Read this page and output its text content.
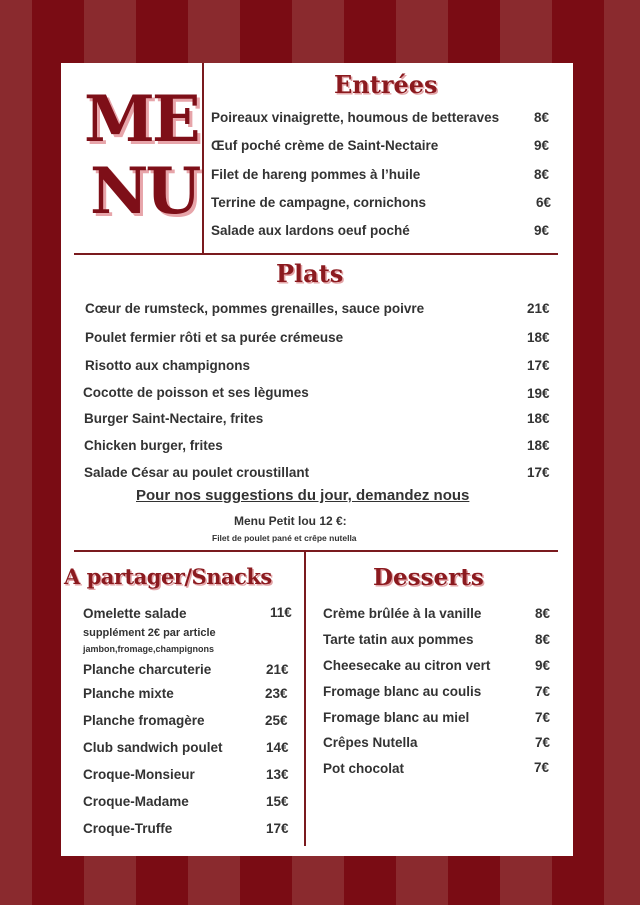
ME
NU
Entrées
Poireaux vinaigrette, houmous de betteraves	8€
Œuf poché crème de Saint-Nectaire	9€
Filet de hareng pommes à l’huile	8€
Terrine de campagne, cornichons	6€
Salade aux lardons oeuf poché	9€
Plats
Cœur de rumsteck, pommes grenailles, sauce poivre	21€
Poulet fermier rôti et sa purée crémeuse	18€
Risotto aux champignons	17€
Cocotte de poisson et ses lègumes	19€
Burger Saint-Nectaire, frites	18€
Chicken burger, frites	18€
Salade César au poulet croustillant	17€
Pour nos suggestions du jour, demandez nous
Menu Petit lou 12 €:
Filet de poulet pané et crêpe nutella
A partager/Snacks
Omelette salade	11€
supplément 2€ par article
jambon,fromage,champignons
Planche charcuterie	21€
Planche mixte	23€
Planche fromagère	25€
Club sandwich poulet	14€
Croque-Monsieur	13€
Croque-Madame	15€
Croque-Truffe	17€
Desserts
Crème brûlée à la vanille	8€
Tarte tatin aux pommes	8€
Cheesecake au citron vert	9€
Fromage blanc au coulis	7€
Fromage blanc au miel	7€
Crêpes Nutella	7€
Pot chocolat	7€
